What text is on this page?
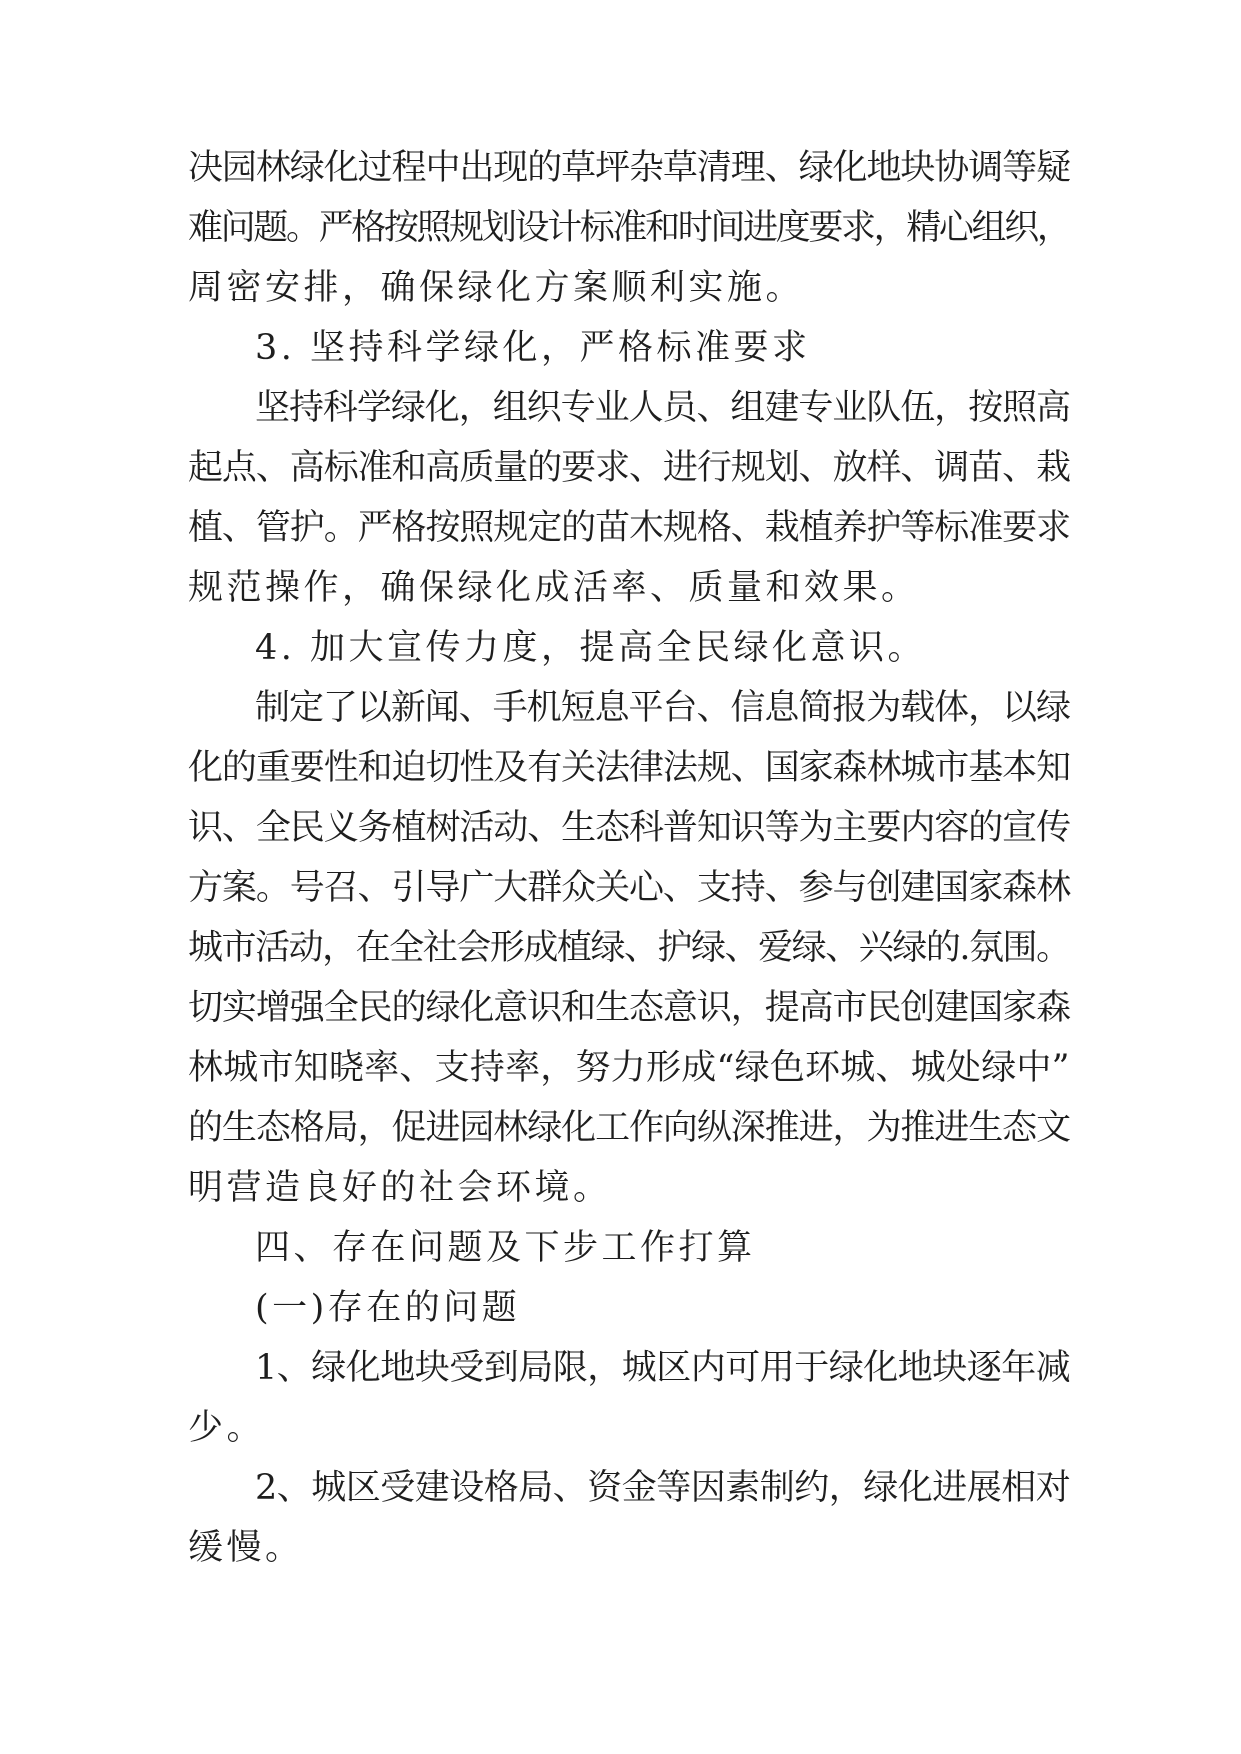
决园林绿化过程中出现的草坪杂草清理、绿化地块协调等疑
难问题。严格按照规划设计标准和时间进度要求，精心组织，
周密安排，确保绿化方案顺利实施。
3. 坚持科学绿化，严格标准要求
坚持科学绿化，组织专业人员、组建专业队伍，按照高
起点、高标准和高质量的要求、进行规划、放样、调苗、栽
植、管护。严格按照规定的苗木规格、栽植养护等标准要求
规范操作，确保绿化成活率、质量和效果。
4. 加大宣传力度，提高全民绿化意识。
制定了以新闻、手机短息平台、信息简报为载体，以绿
化的重要性和迫切性及有关法律法规、国家森林城市基本知
识、全民义务植树活动、生态科普知识等为主要内容的宣传
方案。号召、引导广大群众关心、支持、参与创建国家森林
城市活动，在全社会形成植绿、护绿、爱绿、兴绿的.氛围。
切实增强全民的绿化意识和生态意识，提高市民创建国家森
林城市知晓率、支持率，努力形成“绿色环城、城处绿中”
的生态格局，促进园林绿化工作向纵深推进，为推进生态文
明营造良好的社会环境。
四、存在问题及下步工作打算
(一)存在的问题
1、绿化地块受到局限，城区内可用于绿化地块逐年减
少。
2、城区受建设格局、资金等因素制约，绿化进展相对
缓慢。
